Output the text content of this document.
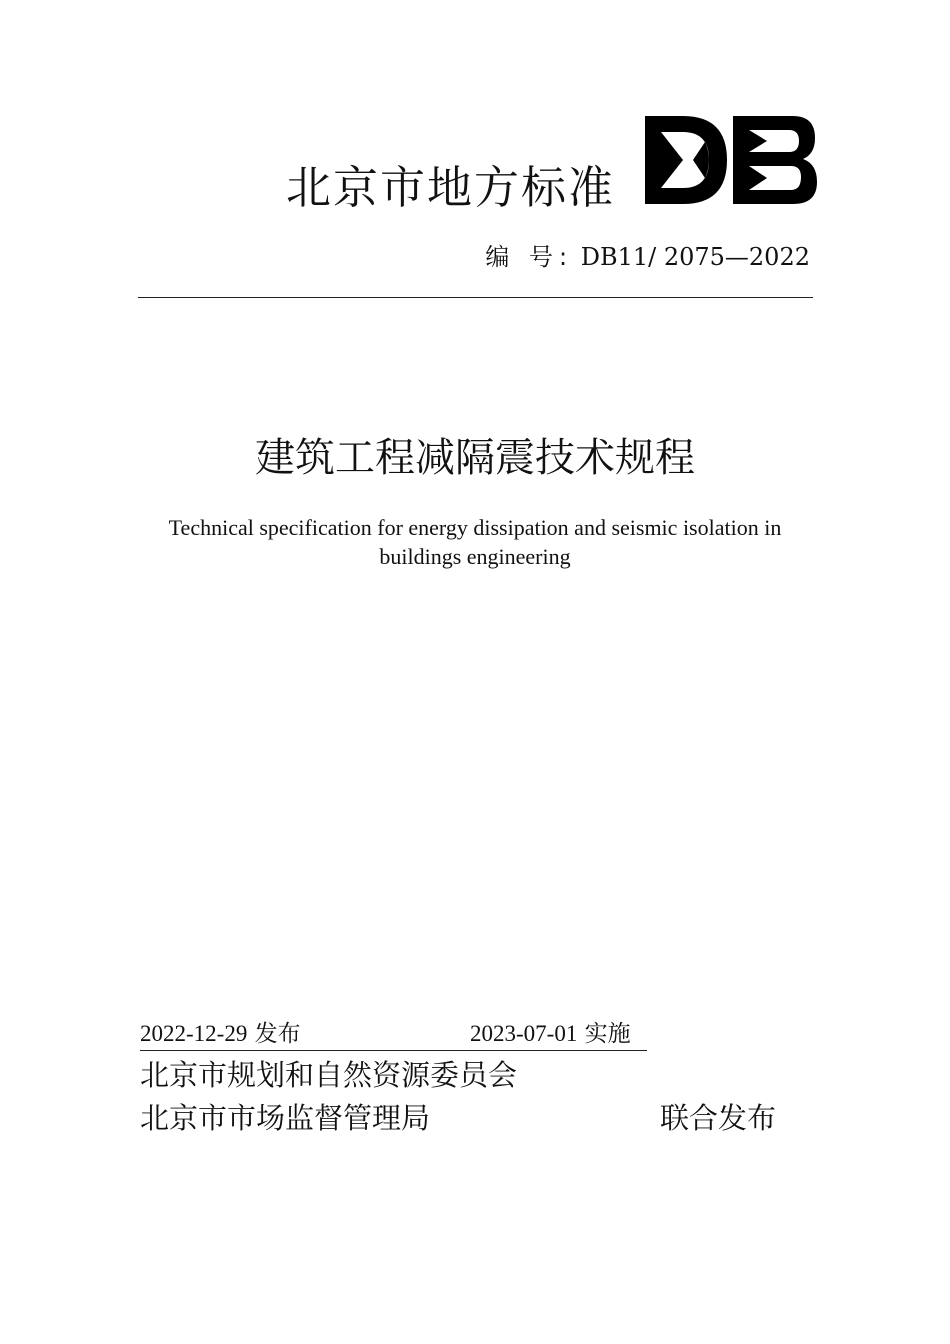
北京市地方标准
编 号: DB11/ 2075—2022
建筑工程减隔震技术规程
Technical specification for energy dissipation and seismic isolation in buildings engineering
2022-12-29 发布	2023-07-01 实施
北京市规划和自然资源委员会
北京市市场监督管理局	联合发布
